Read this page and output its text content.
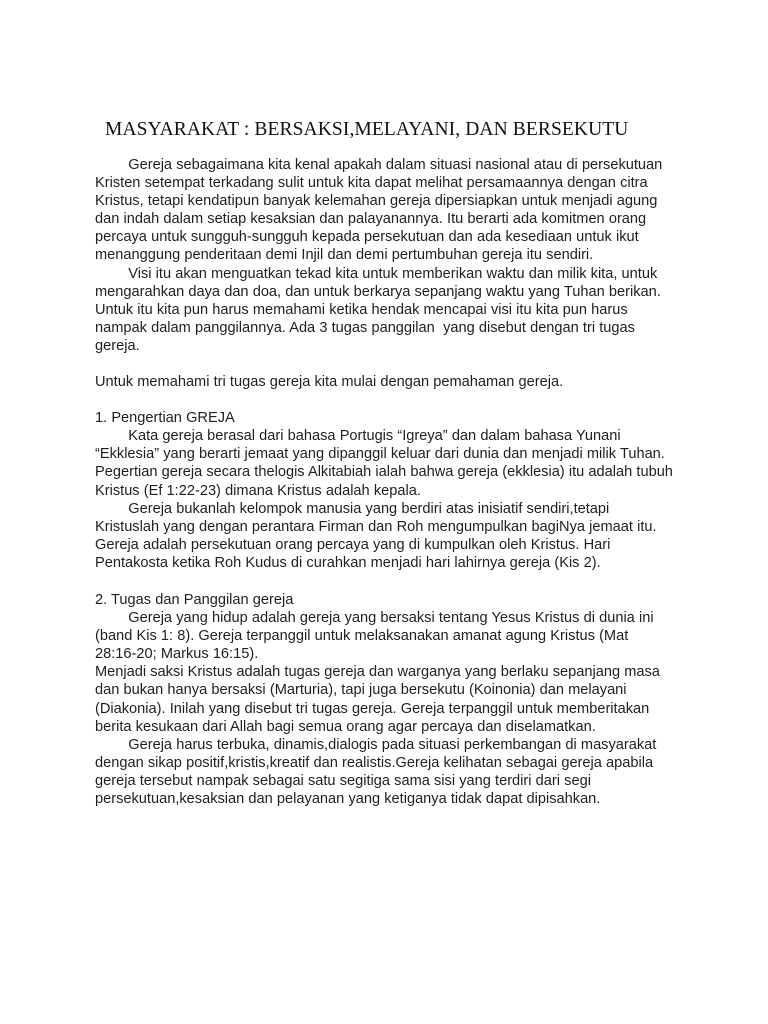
MASYARAKAT : BERSAKSI,MELAYANI, DAN BERSEKUTU

	Gereja sebagaimana kita kenal apakah dalam situasi nasional atau di persekutuan Kristen setempat terkadang sulit untuk kita dapat melihat persamaannya dengan citra Kristus, tetapi kendatipun banyak kelemahan gereja dipersiapkan untuk menjadi agung dan indah dalam setiap kesaksian dan palayanannya. Itu berarti ada komitmen orang percaya untuk sungguh-sungguh kepada persekutuan dan ada kesediaan untuk ikut menanggung penderitaan demi Injil dan demi pertumbuhan gereja itu sendiri.

	Visi itu akan menguatkan tekad kita untuk memberikan waktu dan milik kita, untuk mengarahkan daya dan doa, dan untuk berkarya sepanjang waktu yang Tuhan berikan. Untuk itu kita pun harus memahami ketika hendak mencapai visi itu kita pun harus nampak dalam panggilannya. Ada 3 tugas panggilan  yang disebut dengan tri tugas gereja.

Untuk memahami tri tugas gereja kita mulai dengan pemahaman gereja.

1. Pengertian GREJA

	Kata gereja berasal dari bahasa Portugis “Igreya” dan dalam bahasa Yunani “Ekklesia” yang berarti jemaat yang dipanggil keluar dari dunia dan menjadi milik Tuhan.

Pegertian gereja secara thelogis Alkitabiah ialah bahwa gereja (ekklesia) itu adalah tubuh Kristus (Ef 1:22-23) dimana Kristus adalah kepala.

	Gereja bukanlah kelompok manusia yang berdiri atas inisiatif sendiri,tetapi Kristuslah yang dengan perantara Firman dan Roh mengumpulkan bagiNya jemaat itu. Gereja adalah persekutuan orang percaya yang di kumpulkan oleh Kristus. Hari Pentakosta ketika Roh Kudus di curahkan menjadi hari lahirnya gereja (Kis 2).

2. Tugas dan Panggilan gereja

	Gereja yang hidup adalah gereja yang bersaksi tentang Yesus Kristus di dunia ini (band Kis 1: 8). Gereja terpanggil untuk melaksanakan amanat agung Kristus (Mat 28:16-20; Markus 16:15).

Menjadi saksi Kristus adalah tugas gereja dan warganya yang berlaku sepanjang masa dan bukan hanya bersaksi (Marturia), tapi juga bersekutu (Koinonia) dan melayani (Diakonia). Inilah yang disebut tri tugas gereja. Gereja terpanggil untuk memberitakan berita kesukaan dari Allah bagi semua orang agar percaya dan diselamatkan.

	Gereja harus terbuka, dinamis,dialogis pada situasi perkembangan di masyarakat dengan sikap positif,kristis,kreatif dan realistis.Gereja kelihatan sebagai gereja apabila gereja tersebut nampak sebagai satu segitiga sama sisi yang terdiri dari segi persekutuan,kesaksian dan pelayanan yang ketiganya tidak dapat dipisahkan.
